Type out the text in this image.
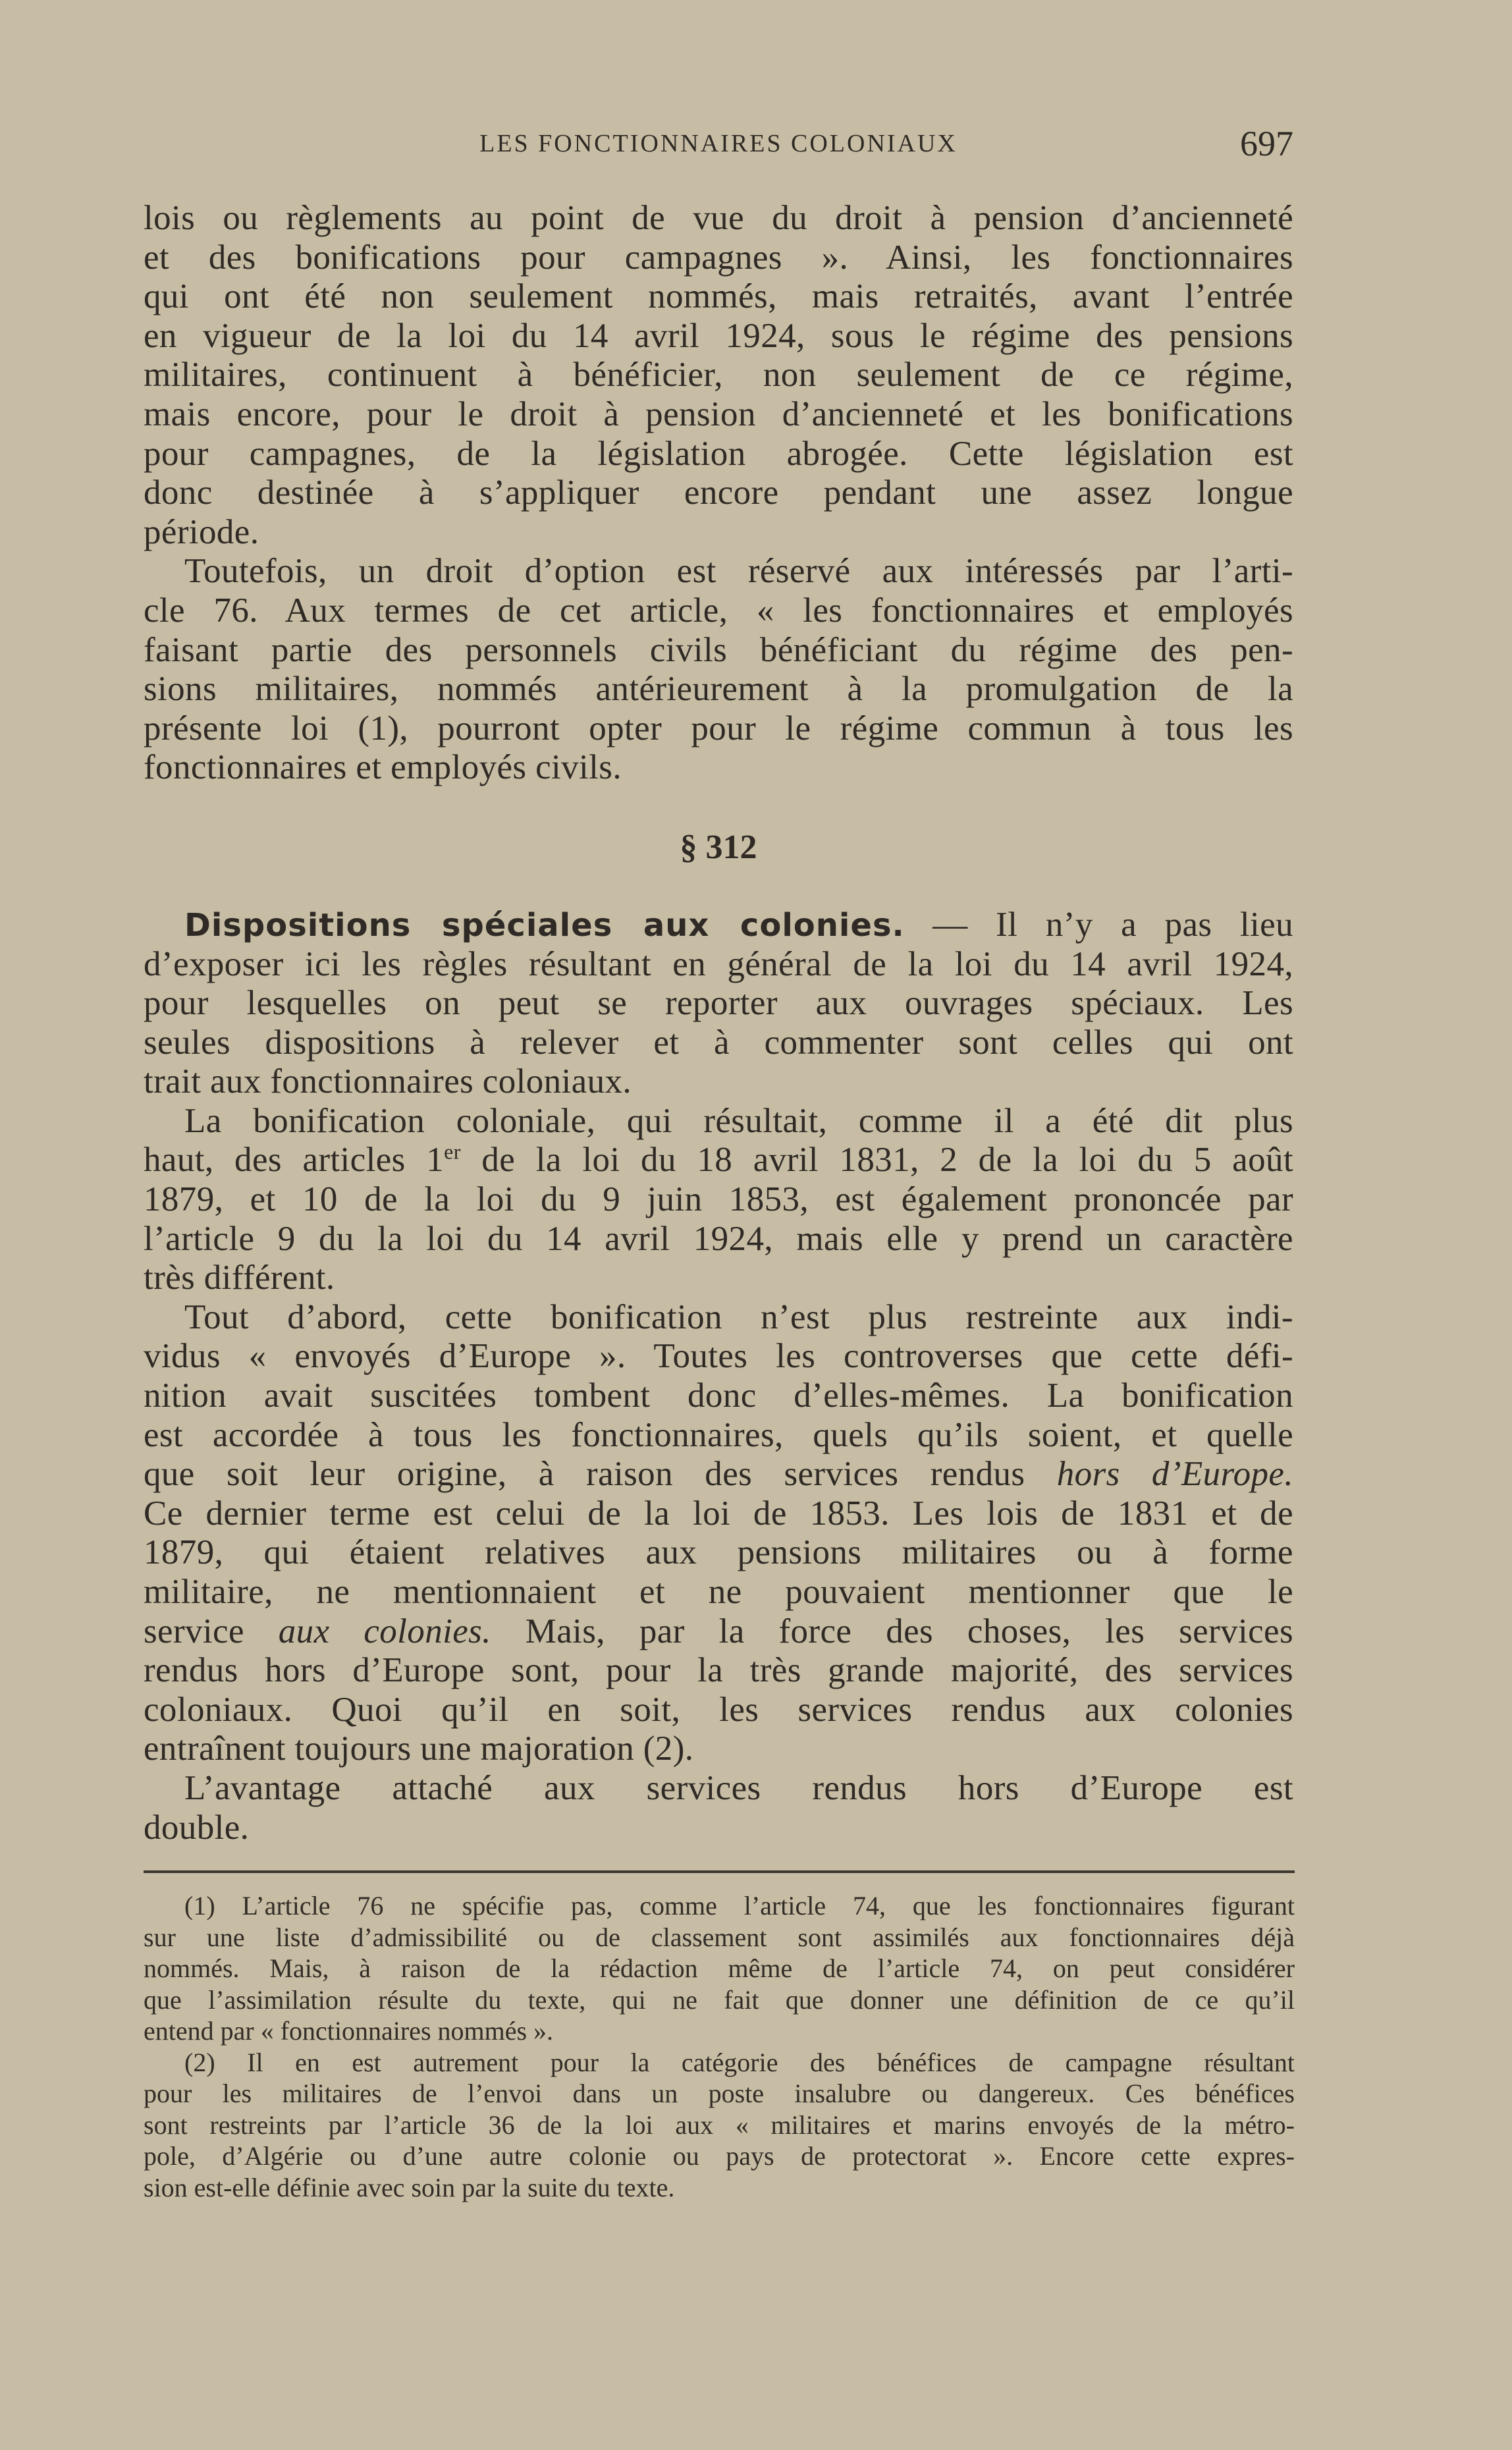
LES FONCTIONNAIRES COLONIAUX	697
lois ou règlements au point de vue du droit à pension d’ancienneté
et des bonifications pour campagnes ». Ainsi, les fonctionnaires
qui ont été non seulement nommés, mais retraités, avant l’entrée
en vigueur de la loi du 14 avril 1924, sous le régime des pensions
militaires, continuent à bénéficier, non seulement de ce régime,
mais encore, pour le droit à pension d’ancienneté et les bonifications
pour campagnes, de la législation abrogée. Cette législation est
donc destinée à s’appliquer encore pendant une assez longue
période.
Toutefois, un droit d’option est réservé aux intéressés par l’arti-
cle 76. Aux termes de cet article, « les fonctionnaires et employés
faisant partie des personnels civils bénéficiant du régime des pen-
sions militaires, nommés antérieurement à la promulgation de la
présente loi (1), pourront opter pour le régime commun à tous les
fonctionnaires et employés civils.
§ 312
Dispositions spéciales aux colonies. — Il n’y a pas lieu
d’exposer ici les règles résultant en général de la loi du 14 avril 1924,
pour lesquelles on peut se reporter aux ouvrages spéciaux. Les
seules dispositions à relever et à commenter sont celles qui ont
trait aux fonctionnaires coloniaux.
La bonification coloniale, qui résultait, comme il a été dit plus
haut, des articles 1er de la loi du 18 avril 1831, 2 de la loi du 5 août
1879, et 10 de la loi du 9 juin 1853, est également prononcée par
l’article 9 du la loi du 14 avril 1924, mais elle y prend un caractère
très différent.
Tout d’abord, cette bonification n’est plus restreinte aux indi-
vidus « envoyés d’Europe ». Toutes les controverses que cette défi-
nition avait suscitées tombent donc d’elles-mêmes. La bonification
est accordée à tous les fonctionnaires, quels qu’ils soient, et quelle
que soit leur origine, à raison des services rendus hors d’Europe.
Ce dernier terme est celui de la loi de 1853. Les lois de 1831 et de
1879, qui étaient relatives aux pensions militaires ou à forme
militaire, ne mentionnaient et ne pouvaient mentionner que le
service aux colonies. Mais, par la force des choses, les services
rendus hors d’Europe sont, pour la très grande majorité, des services
coloniaux. Quoi qu’il en soit, les services rendus aux colonies
entraînent toujours une majoration (2).
L’avantage attaché aux services rendus hors d’Europe est
double.
(1) L’article 76 ne spécifie pas, comme l’article 74, que les fonctionnaires figurant
sur une liste d’admissibilité ou de classement sont assimilés aux fonctionnaires déjà
nommés. Mais, à raison de la rédaction même de l’article 74, on peut considérer
que l’assimilation résulte du texte, qui ne fait que donner une définition de ce qu’il
entend par « fonctionnaires nommés ».
(2) Il en est autrement pour la catégorie des bénéfices de campagne résultant
pour les militaires de l’envoi dans un poste insalubre ou dangereux. Ces bénéfices
sont restreints par l’article 36 de la loi aux « militaires et marins envoyés de la métro-
pole, d’Algérie ou d’une autre colonie ou pays de protectorat ». Encore cette expres-
sion est-elle définie avec soin par la suite du texte.
